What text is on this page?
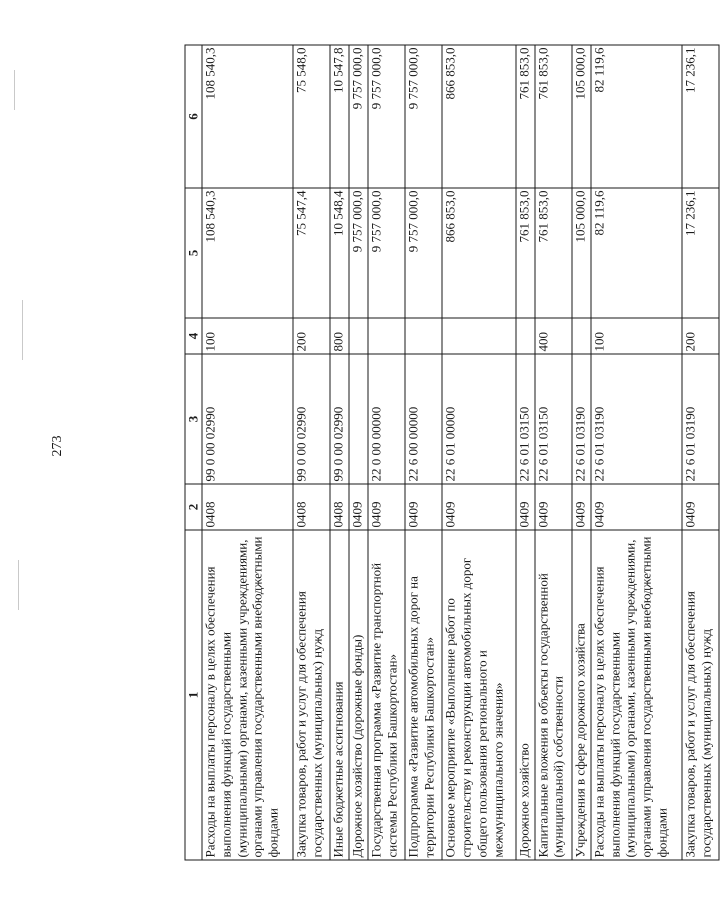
273
1	2	3	4	5	6
Расходы на выплаты персоналу в целях обеспечения выполнения функций государственными (муниципальными) органами, казенными учреждениями, органами управления государственными внебюджетными фондами	0408	99 0 00 02990	100	108 540,3	108 540,3
Закупка товаров, работ и услуг для обеспечения государственных (муниципальных) нужд	0408	99 0 00 02990	200	75 547,4	75 548,0
Иные бюджетные ассигнования	0408	99 0 00 02990	800	10 548,4	10 547,8
Дорожное хозяйство (дорожные фонды)	0409			9 757 000,0	9 757 000,0
Государственная программа «Развитие транспортной системы Республики Башкортостан»	0409	22 0 00 00000		9 757 000,0	9 757 000,0
Подпрограмма «Развитие автомобильных дорог на территории Республики Башкортостан»	0409	22 6 00 00000		9 757 000,0	9 757 000,0
Основное мероприятие «Выполнение работ по строительству и реконструкции автомобильных дорог общего пользования регионального и межмуниципального значения»	0409	22 6 01 00000		866 853,0	866 853,0
Дорожное хозяйство	0409	22 6 01 03150		761 853,0	761 853,0
Капитальные вложения в объекты государственной (муниципальной) собственности	0409	22 6 01 03150	400	761 853,0	761 853,0
Учреждения в сфере дорожного хозяйства	0409	22 6 01 03190		105 000,0	105 000,0
Расходы на выплаты персоналу в целях обеспечения выполнения функций государственными (муниципальными) органами, казенными учреждениями, органами управления государственными внебюджетными фондами	0409	22 6 01 03190	100	82 119,6	82 119,6
Закупка товаров, работ и услуг для обеспечения государственных (муниципальных) нужд	0409	22 6 01 03190	200	17 236,1	17 236,1
